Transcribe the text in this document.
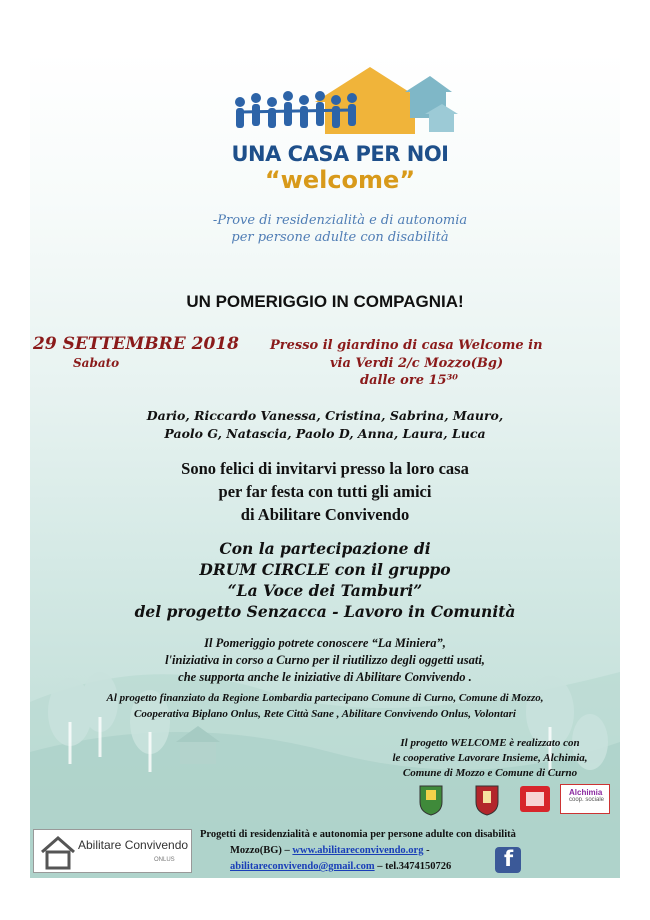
UNA CASA PER NOI
“welcome”
-Prove di residenzialità e di autonomia
per persone adulte con disabilità
UN POMERIGGIO IN COMPAGNIA!
29 SETTEMBRE 2018
Sabato
Presso il giardino di casa Welcome in
via Verdi 2/c Mozzo(Bg)
dalle ore 15³⁰
Dario, Riccardo Vanessa, Cristina, Sabrina, Mauro,
Paolo G, Natascia, Paolo D, Anna, Laura, Luca
Sono felici di invitarvi presso la loro casa
per far festa con tutti gli amici
di Abilitare Convivendo
Con la partecipazione di
DRUM CIRCLE con il gruppo
“La Voce dei Tamburi”
del progetto Senzacca - Lavoro in Comunità
Il Pomeriggio potrete conoscere “La Miniera”,
l'iniziativa in corso a Curno per il riutilizzo degli oggetti usati,
che supporta anche le iniziative di Abilitare Convivendo .
Al progetto finanziato da Regione Lombardia partecipano Comune di Curno, Comune di Mozzo,
Cooperativa Biplano Onlus, Rete Città Sane , Abilitare Convivendo Onlus, Volontari
Il progetto WELCOME è realizzato con
le cooperative Lavorare Insieme, Alchimia,
Comune di Mozzo e Comune di Curno
Alchimia
coop. sociale
Abilitare Convivendo
ONLUS
Progetti di residenzialità e autonomia per persone adulte con disabilità
Mozzo(BG) – www.abilitareconvivendo.org -
abilitareconvivendo@gmail.com – tel.3474150726	f
